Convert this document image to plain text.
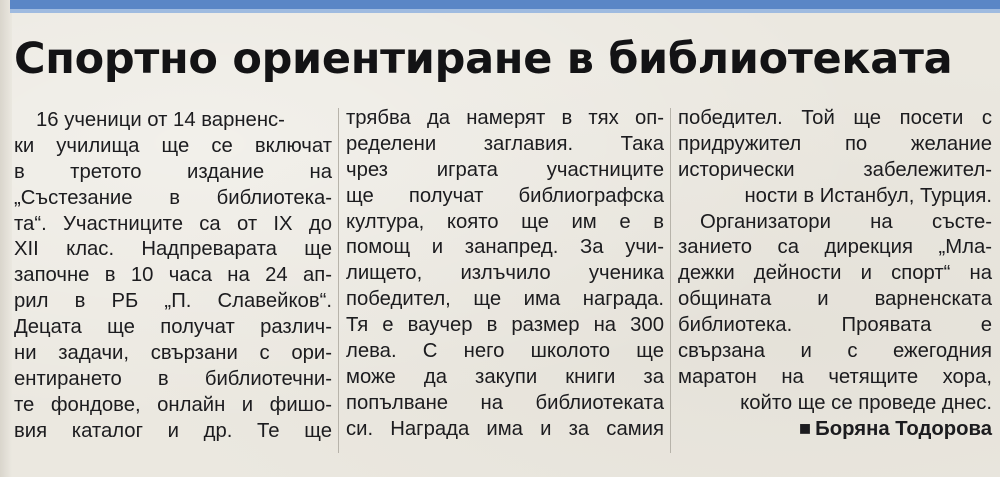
Спортно ориентиране в библиотеката
16 ученици от 14 варненс-
ки училища ще се включат
в третото издание на
„Състезание в библиотека-
та“. Участниците са от IX до
XII клас. Надпреварата ще
започне в 10 часа на 24 ап-
рил в РБ „П. Славейков“.
Децата ще получат различ-
ни задачи, свързани с ори-
ентирането в библиотечни-
те фондове, онлайн и фишо-
вия каталог и др. Те ще
трябва да намерят в тях оп-
ределени заглавия. Така
чрез играта участниците
ще получат библиографска
култура, която ще им е в
помощ и занапред. За учи-
лището, излъчило ученика
победител, ще има награда.
Тя е ваучер в размер на 300
лева. С него школото ще
може да закупи книги за
попълване на библиотеката
си. Награда има и за самия
победител. Той ще посети с
придружител по желание
исторически забележител-
ности в Истанбул, Турция.
Организатори на състе-
занието са дирекция „Мла-
дежки дейности и спорт“ на
общината и варненската
библиотека. Проявата е
свързана и с ежегодния
маратон на четящите хора,
който ще се проведе днес.
■ Боряна Тодорова
